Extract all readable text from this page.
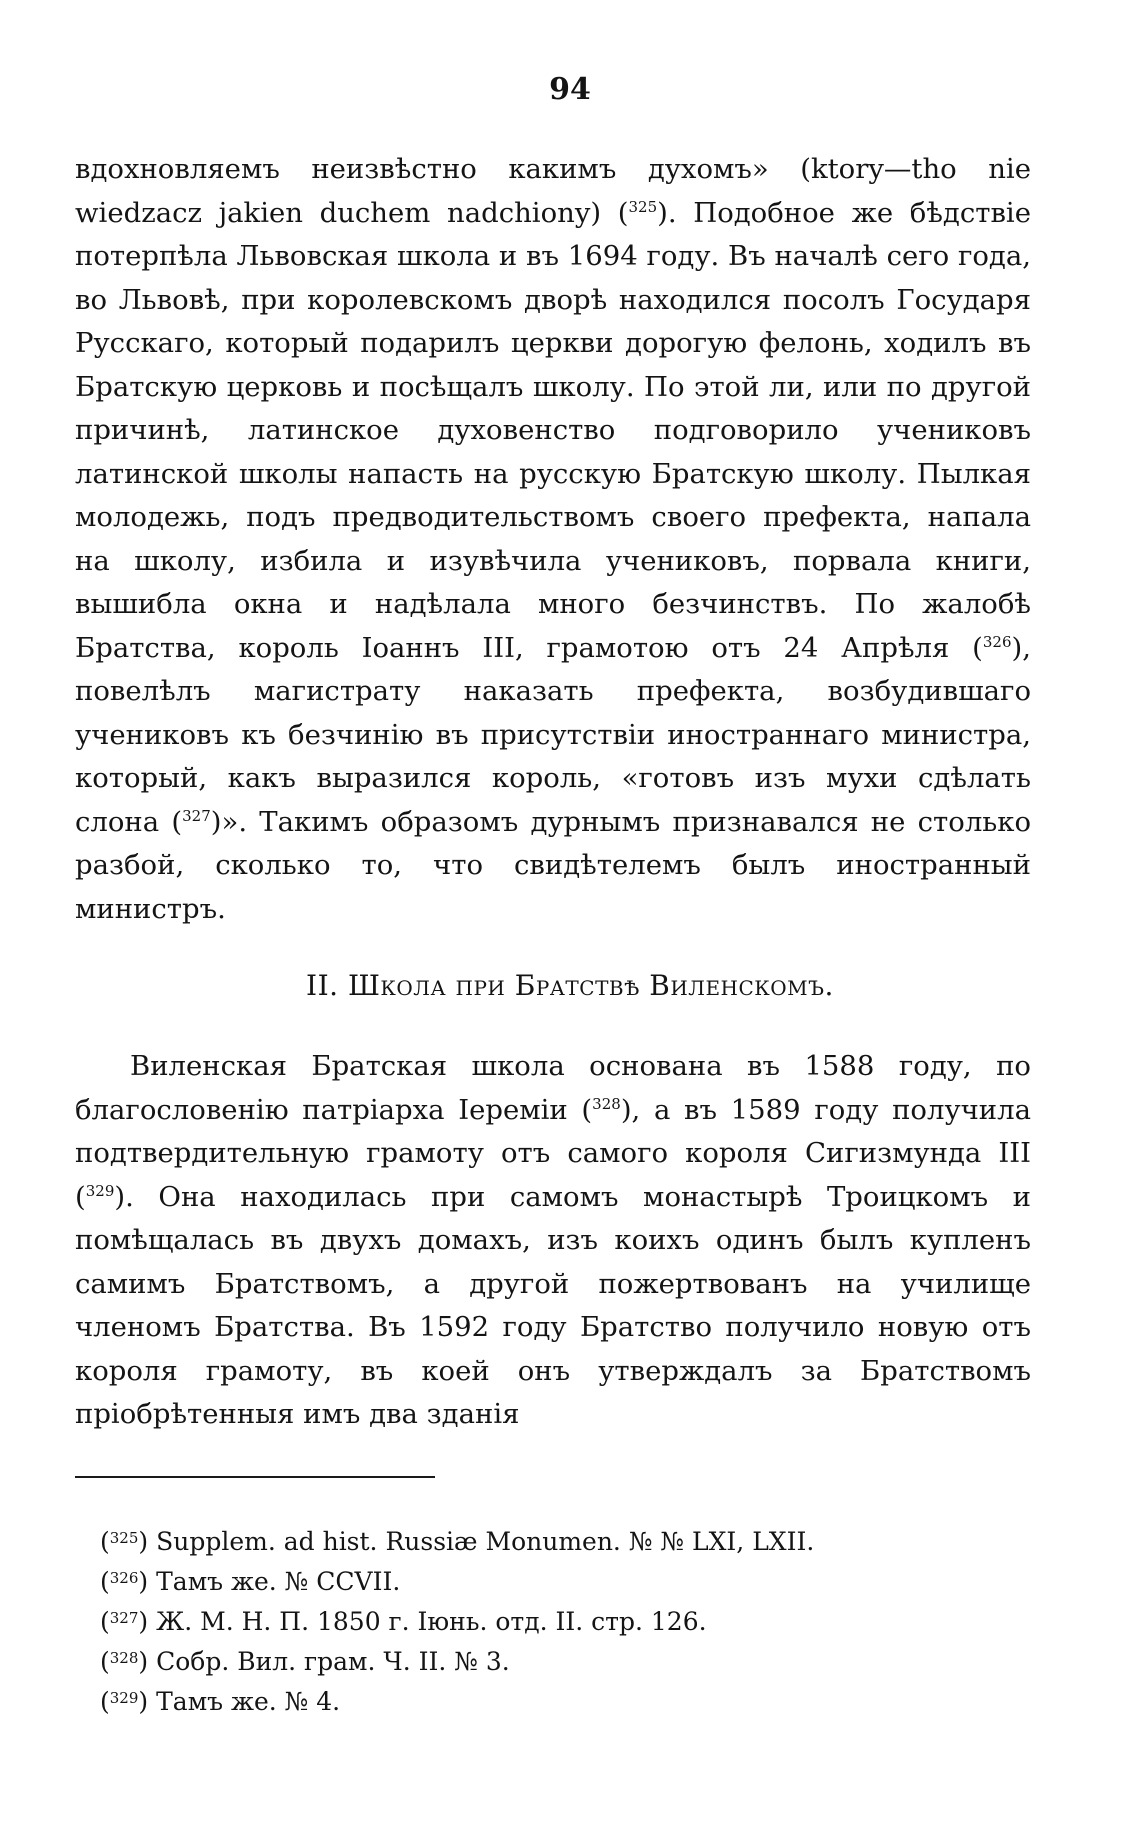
94

вдохновляемъ неизвѣстно какимъ духомъ» (ktory—tho nie wiedzacz jakien duchem nadchiony) ($^{325}$). Подобное же бѣдствіе потерпѣла Львовская школа и въ 1694 году. Въ началѣ сего года, во Львовѣ, при королевскомъ дворѣ находился посолъ Государя Русскаго, который подарилъ церкви дорогую фелонь, ходилъ въ Братскую церковь и посѣщалъ школу. По этой ли, или по другой причинѣ, латинское духовенство подговорило учениковъ латинской школы напасть на русскую Братскую школу. Пылкая молодежь, подъ предводительствомъ своего префекта, напала на школу, избила и изувѣчила учениковъ, порвала книги, вышибла окна и надѣлала много безчинствъ. По жалобѣ Братства, король Іоаннъ III, грамотою отъ 24 Апрѣля ($^{326}$), повелѣлъ магистрату наказать префекта, возбудившаго учениковъ къ безчинію въ присутствіи иностраннаго министра, который, какъ выразился король, «готовъ изъ мухи сдѣлать слона ($^{327}$)». Такимъ образомъ дурнымъ признавался не столько разбой, сколько то, что свидѣтелемъ былъ иностранный министръ.

II. Школа при Братствѣ Виленскомъ.

Виленская Братская школа основана въ 1588 году, по благословенію патріарха Іереміи ($^{328}$), а въ 1589 году получила подтвердительную грамоту отъ самого короля Сигизмунда III ($^{329}$). Она находилась при самомъ монастырѣ Троицкомъ и помѣщалась въ двухъ домахъ, изъ коихъ одинъ былъ купленъ самимъ Братствомъ, а другой пожертвованъ на училище членомъ Братства. Въ 1592 году Братство получило новую отъ короля грамоту, въ коей онъ утверждалъ за Братствомъ пріобрѣтенныя имъ два зданія

($^{325}$) Supplem. ad hist. Russiæ Monumen. № № LXI, LXII.
($^{326}$) Тамъ же. № CCVII.
($^{327}$) Ж. М. Н. П. 1850 г. Іюнь. отд. II. стр. 126.
($^{328}$) Собр. Вил. грам. Ч. II. № 3.
($^{329}$) Тамъ же. № 4.
